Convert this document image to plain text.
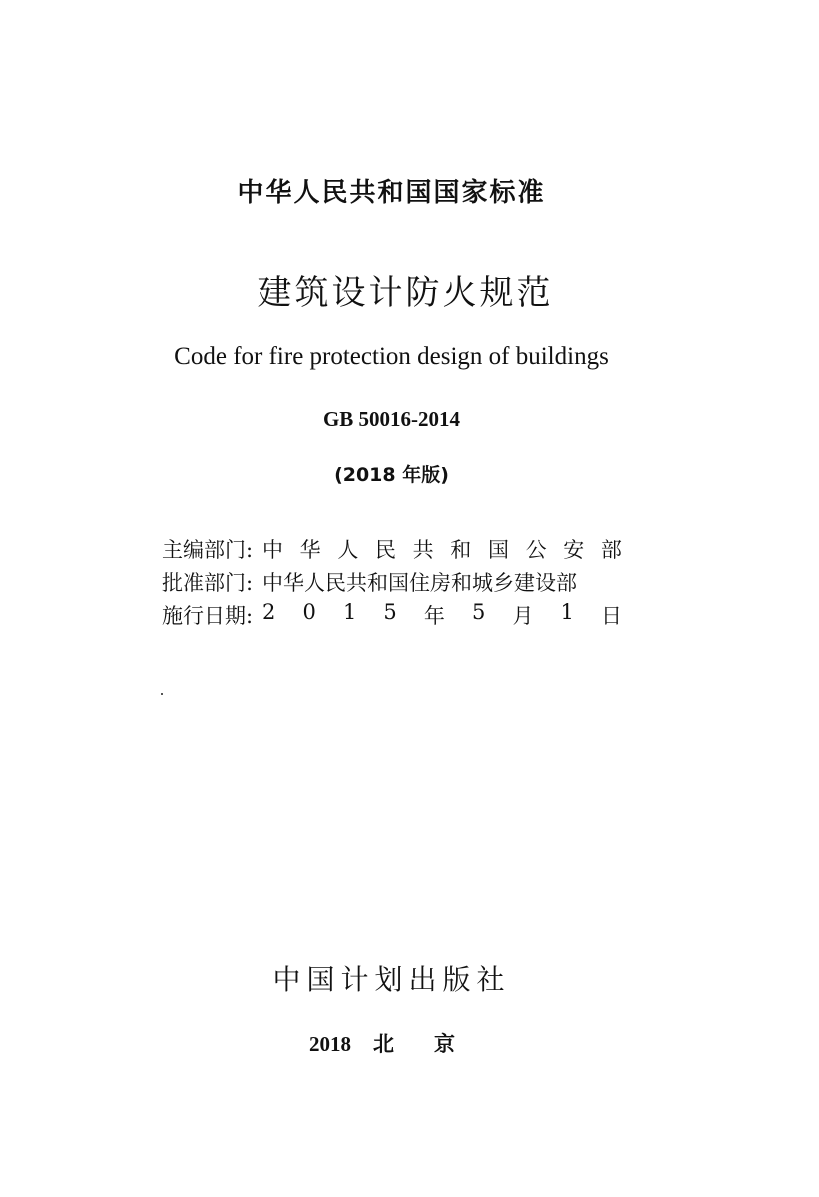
中华人民共和国国家标准
建筑设计防火规范
Code for fire protection design of buildings
GB 50016-2014
(2018 年版)
主编部门: 中 华 人 民 共 和 国 公 安 部
批准部门: 中华人民共和国住房和城乡建设部
施行日期: 2 0 1 5 年 5 月 1 日
中国计划出版社
2018 北 京
